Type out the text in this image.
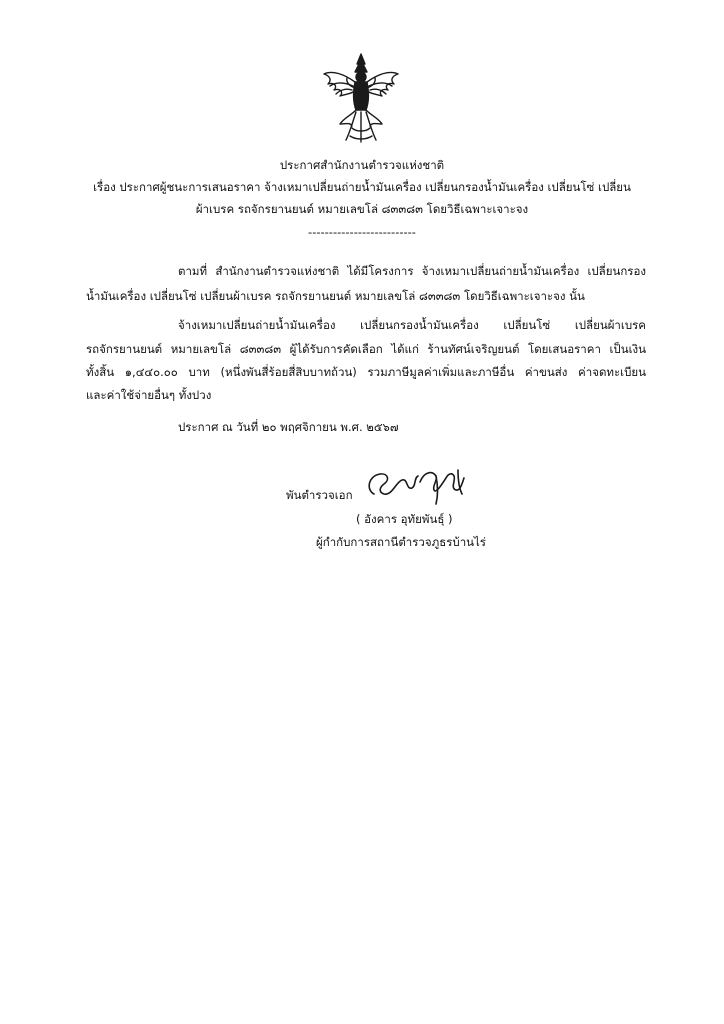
ประกาศสำนักงานตำรวจแห่งชาติ
เรื่อง ประกาศผู้ชนะการเสนอราคา จ้างเหมาเปลี่ยนถ่ายน้ำมันเครื่อง เปลี่ยนกรองน้ำมันเครื่อง เปลี่ยนโซ่ เปลี่ยน
ผ้าเบรค รถจักรยานยนต์ หมายเลขโล่ ๘๓๓๘๓ โดยวิธีเฉพาะเจาะจง
--------------------------
ตามที่ สำนักงานตำรวจแห่งชาติ ได้มีโครงการ จ้างเหมาเปลี่ยนถ่ายน้ำมันเครื่อง เปลี่ยนกรอง
น้ำมันเครื่อง เปลี่ยนโซ่ เปลี่ยนผ้าเบรค รถจักรยานยนต์ หมายเลขโล่ ๘๓๓๘๓ โดยวิธีเฉพาะเจาะจง นั้น
จ้างเหมาเปลี่ยนถ่ายน้ำมันเครื่อง เปลี่ยนกรองน้ำมันเครื่อง เปลี่ยนโซ่ เปลี่ยนผ้าเบรค
รถจักรยานยนต์ หมายเลขโล่ ๘๓๓๘๓ ผู้ได้รับการคัดเลือก ได้แก่ ร้านทัศน์เจริญยนต์ โดยเสนอราคา เป็นเงิน
ทั้งสิ้น ๑,๔๔๐.๐๐ บาท (หนึ่งพันสี่ร้อยสี่สิบบาทถ้วน) รวมภาษีมูลค่าเพิ่มและภาษีอื่น ค่าขนส่ง ค่าจดทะเบียน
และค่าใช้จ่ายอื่นๆ ทั้งปวง
ประกาศ ณ วันที่ ๒๐ พฤศจิกายน พ.ศ. ๒๕๖๗
พันตำรวจเอก
( อังคาร อุทัยพันธุ์ )
ผู้กำกับการสถานีตำรวจภูธรบ้านไร่
